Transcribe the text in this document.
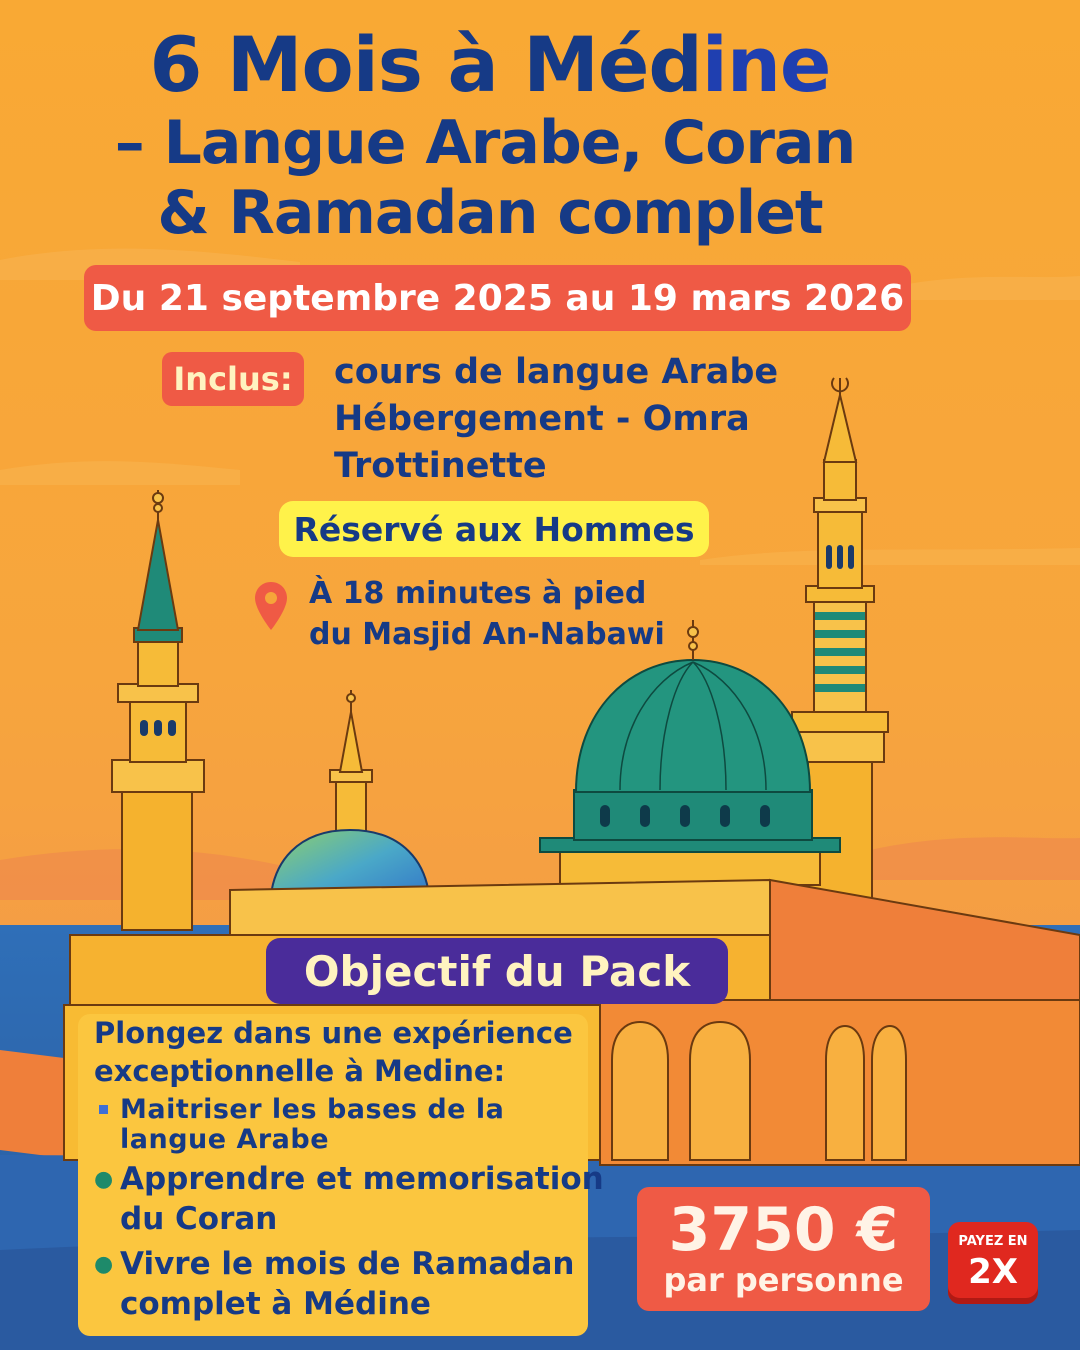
6 Mois à Médine
– Langue Arabe, Coran
& Ramadan complet
Du 21 septembre 2025 au 19 mars 2026
Inclus:	cours de langue Arabe
Hébergement - Omra
Trottinette
Réservé aux Hommes
À 18 minutes à pied
du Masjid An-Nabawi
Objectif du Pack
Plongez dans une expérience
exceptionnelle à Medine:
Maitriser les bases de la
langue Arabe
● Apprendre et memorisation
du Coran
● Vivre le mois de Ramadan
complet à Médine
3750 €
par personne
PAYEZ EN
2X
